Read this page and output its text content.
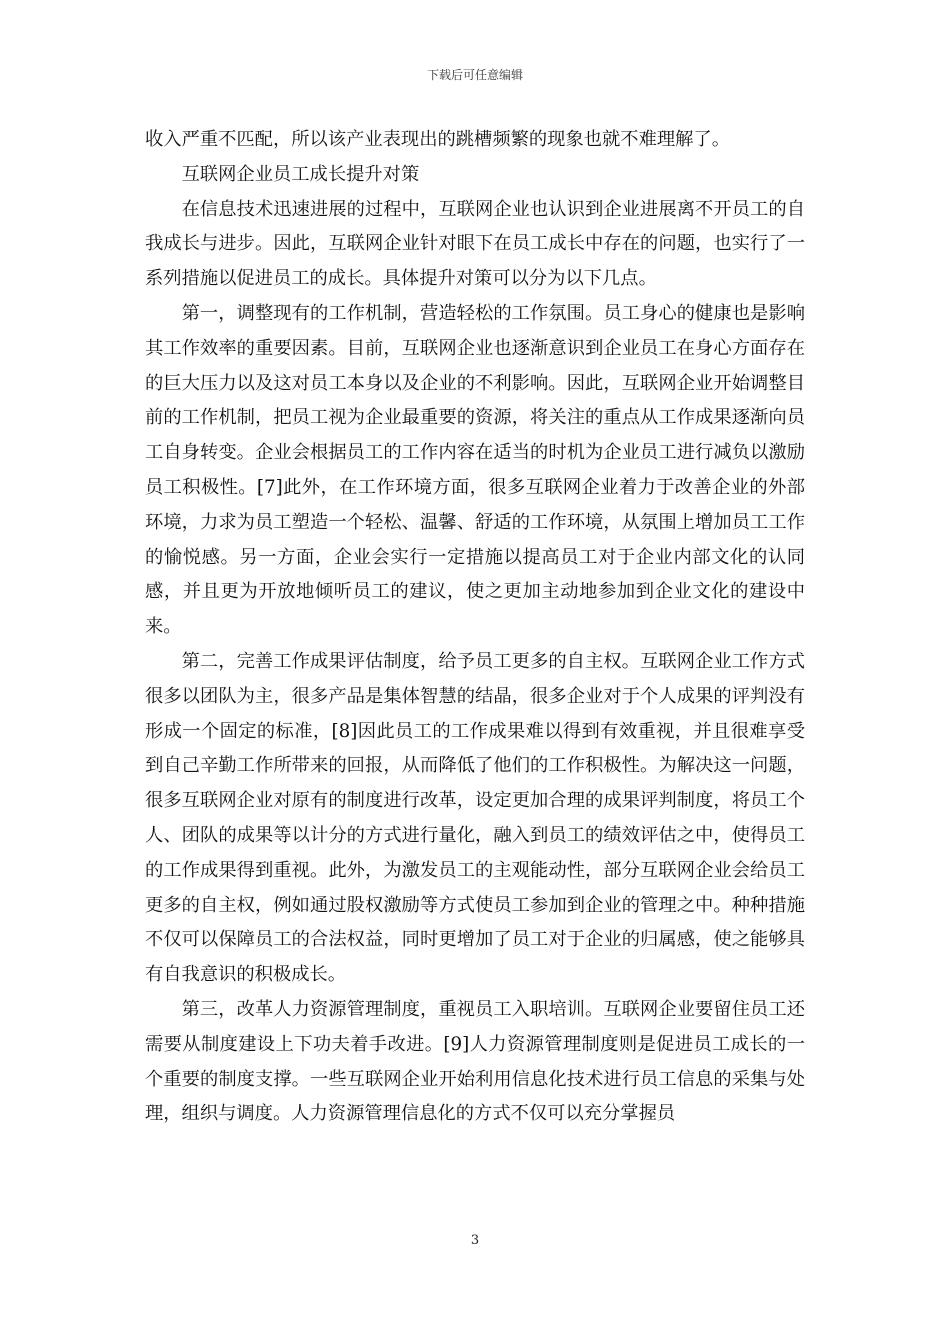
下载后可任意编辑

收入严重不匹配，所以该产业表现出的跳槽频繁的现象也就不难理解了。

互联网企业员工成长提升对策

在信息技术迅速进展的过程中，互联网企业也认识到企业进展离不开员工的自我成长与进步。因此，互联网企业针对眼下在员工成长中存在的问题，也实行了一系列措施以促进员工的成长。具体提升对策可以分为以下几点。

第一，调整现有的工作机制，营造轻松的工作氛围。员工身心的健康也是影响其工作效率的重要因素。目前，互联网企业也逐渐意识到企业员工在身心方面存在的巨大压力以及这对员工本身以及企业的不利影响。因此，互联网企业开始调整目前的工作机制，把员工视为企业最重要的资源，将关注的重点从工作成果逐渐向员工自身转变。企业会根据员工的工作内容在适当的时机为企业员工进行减负以激励员工积极性。[7]此外，在工作环境方面，很多互联网企业着力于改善企业的外部环境，力求为员工塑造一个轻松、温馨、舒适的工作环境，从氛围上增加员工工作的愉悦感。另一方面，企业会实行一定措施以提高员工对于企业内部文化的认同感，并且更为开放地倾听员工的建议，使之更加主动地参加到企业文化的建设中来。

第二，完善工作成果评估制度，给予员工更多的自主权。互联网企业工作方式很多以团队为主，很多产品是集体智慧的结晶，很多企业对于个人成果的评判没有形成一个固定的标准，[8]因此员工的工作成果难以得到有效重视，并且很难享受到自己辛勤工作所带来的回报，从而降低了他们的工作积极性。为解决这一问题，很多互联网企业对原有的制度进行改革，设定更加合理的成果评判制度，将员工个人、团队的成果等以计分的方式进行量化，融入到员工的绩效评估之中，使得员工的工作成果得到重视。此外，为激发员工的主观能动性，部分互联网企业会给员工更多的自主权，例如通过股权激励等方式使员工参加到企业的管理之中。种种措施不仅可以保障员工的合法权益，同时更增加了员工对于企业的归属感，使之能够具有自我意识的积极成长。

第三，改革人力资源管理制度，重视员工入职培训。互联网企业要留住员工还需要从制度建设上下功夫着手改进。[9]人力资源管理制度则是促进员工成长的一个重要的制度支撑。一些互联网企业开始利用信息化技术进行员工信息的采集与处理，组织与调度。人力资源管理信息化的方式不仅可以充分掌握员

3
